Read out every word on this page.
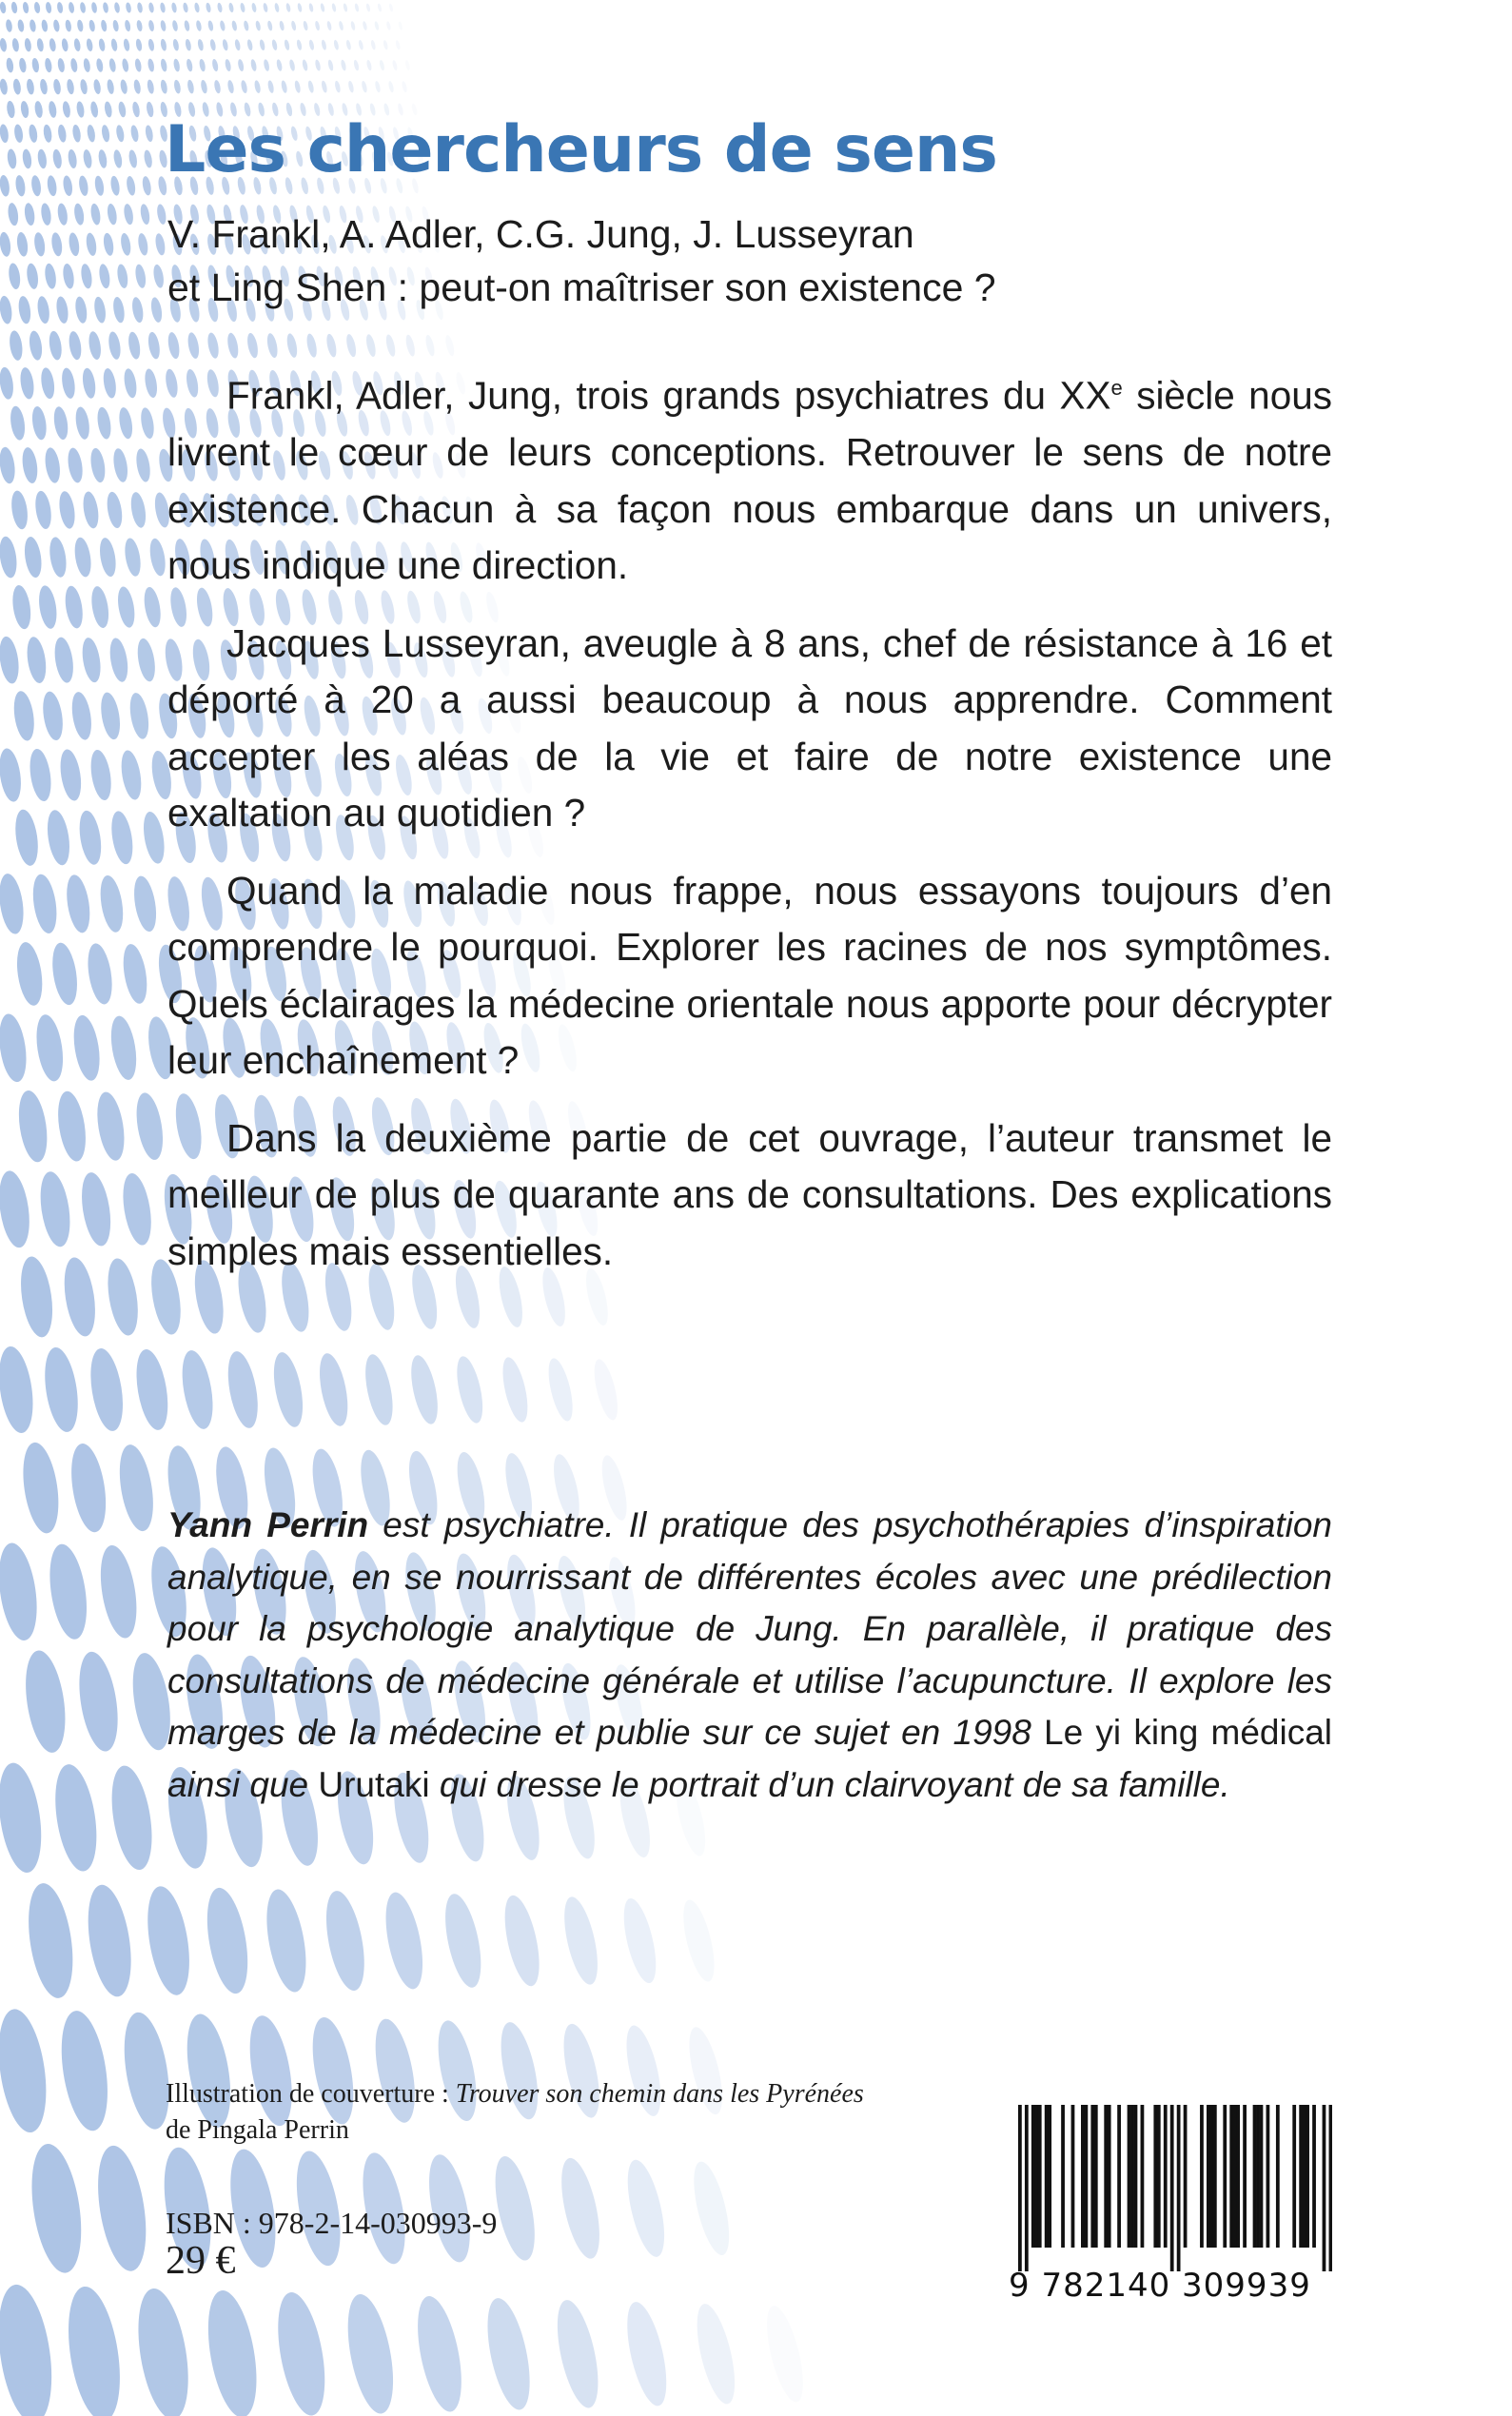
Les chercheurs de sens
V. Frankl, A. Adler, C.G. Jung, J. Lusseyran
et Ling Shen : peut-on maîtriser son existence ?

Frankl, Adler, Jung, trois grands psychiatres du XXe siècle nous livrent le cœur de leurs conceptions. Retrouver le sens de notre existence. Chacun à sa façon nous embarque dans un univers, nous indique une direction.

Jacques Lusseyran, aveugle à 8 ans, chef de résistance à 16 et déporté à 20 a aussi beaucoup à nous apprendre. Comment accepter les aléas de la vie et faire de notre existence une exaltation au quotidien ?

Quand la maladie nous frappe, nous essayons toujours d’en comprendre le pourquoi. Explorer les racines de nos symptômes. Quels éclairages la médecine orientale nous apporte pour décrypter leur enchaînement ?

Dans la deuxième partie de cet ouvrage, l’auteur transmet le meilleur de plus de quarante ans de consultations. Des explications simples mais essentielles.

Yann Perrin est psychiatre. Il pratique des psychothérapies d’inspiration analytique, en se nourrissant de différentes écoles avec une prédilection pour la psychologie analytique de Jung. En parallèle, il pratique des consultations de médecine générale et utilise l’acupuncture. Il explore les marges de la médecine et publie sur ce sujet en 1998 Le yi king médical ainsi que Urutaki qui dresse le portrait d’un clairvoyant de sa famille.
Illustration de couverture : Trouver son chemin dans les Pyrénées
de Pingala Perrin
ISBN : 978-2-14-030993-9
29 €
9 782140 309939
